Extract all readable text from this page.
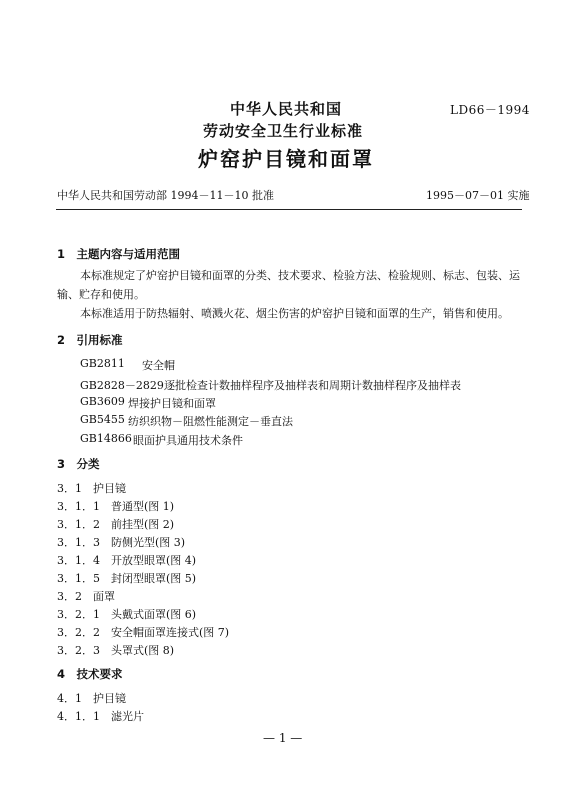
中华人民共和国	LD66－1994
劳动安全卫生行业标准
炉窑护目镜和面罩
中华人民共和国劳动部 1994－11－10 批准	1995－07－01 实施
1　主题内容与适用范围
本标准规定了炉窑护目镜和面罩的分类、技术要求、检验方法、检验规则、标志、包装、运
输、贮存和使用。
本标准适用于防热辐射、喷溅火花、烟尘伤害的炉窑护目镜和面罩的生产，销售和使用。
2　引用标准
GB2811 安全帽
GB2828－2829 逐批检查计数抽样程序及抽样表和周期计数抽样程序及抽样表
GB3609 焊接护目镜和面罩
GB5455 纺织织物－阻燃性能测定－垂直法
GB14866 眼面护具通用技术条件
3　分类
3．1　护目镜
3．1．1　普通型(图 1)
3．1．2　前挂型(图 2)
3．1．3　防侧光型(图 3)
3．1．4　开放型眼罩(图 4)
3．1．5　封闭型眼罩(图 5)
3．2　面罩
3．2．1　头戴式面罩(图 6)
3．2．2　安全帽面罩连接式(图 7)
3．2．3　头罩式(图 8)
4　技术要求
4．1　护目镜
4．1．1　滤光片
— 1 —
